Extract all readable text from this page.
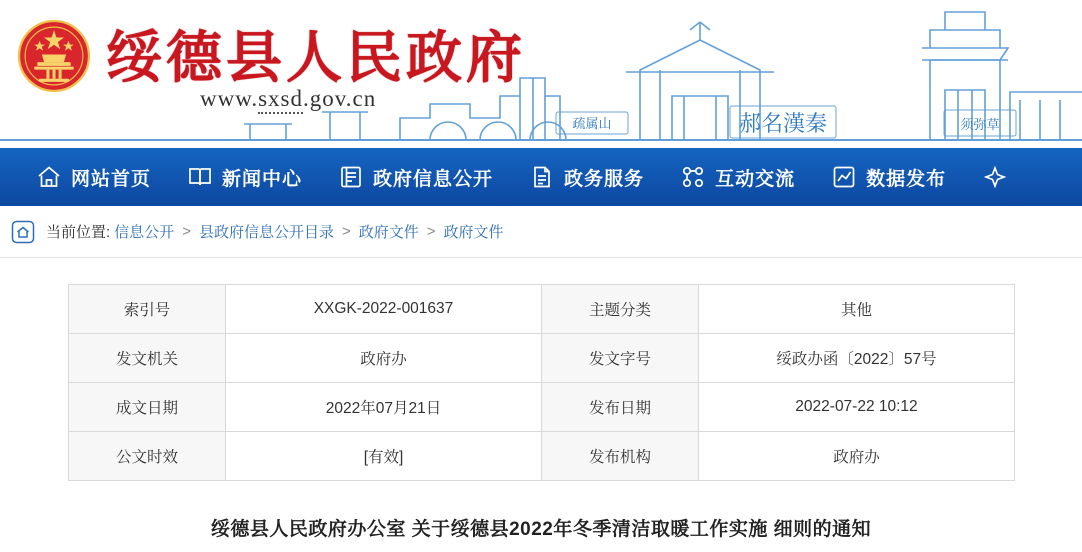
疏属山	郝名漢秦	须弥草
绥德县人民政府
www.sxsd.gov.cn
网站首页	新闻中心	政府信息公开	政务服务	互动交流	数据发布
当前位置: 信息公开 > 县政府信息公开目录 > 政府文件 > 政府文件
索引号	XXGK-2022-001637	主题分类	其他
发文机关	政府办	发文字号	绥政办函〔2022〕57号
成文日期	2022年07月21日	发布日期	2022-07-22 10:12
公文时效	[有效]	发布机构	政府办
绥德县人民政府办公室 关于绥德县2022年冬季清洁取暖工作实施 细则的通知
